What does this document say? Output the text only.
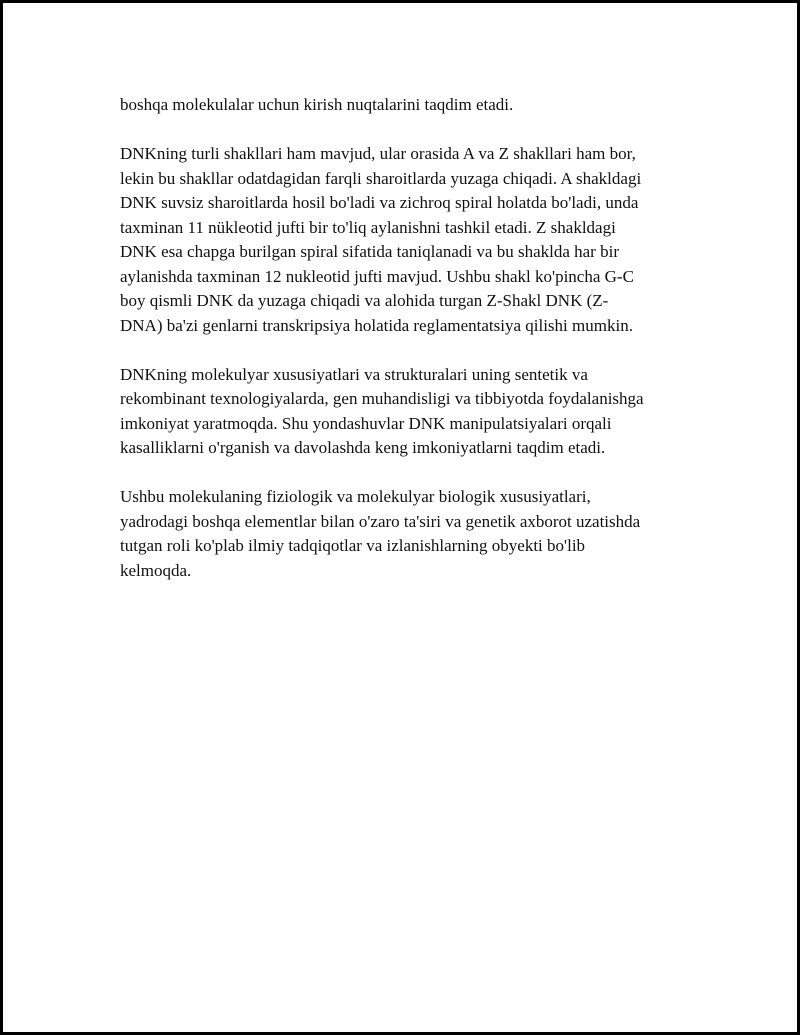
boshqa molekulalar uchun kirish nuqtalarini taqdim etadi.

DNKning turli shakllari ham mavjud, ular orasida A va Z shakllari ham bor,
lekin bu shakllar odatdagidan farqli sharoitlarda yuzaga chiqadi. A shakldagi
DNK suvsiz sharoitlarda hosil bo'ladi va zichroq spiral holatda bo'ladi, unda
taxminan 11 nükleotid jufti bir to'liq aylanishni tashkil etadi. Z shakldagi
DNK esa chapga burilgan spiral sifatida taniqlanadi va bu shaklda har bir
aylanishda taxminan 12 nukleotid jufti mavjud. Ushbu shakl ko'pincha G-C
boy qismli DNK da yuzaga chiqadi va alohida turgan Z-Shakl DNK (Z-
DNA) ba'zi genlarni transkripsiya holatida reglamentatsiya qilishi mumkin.

DNKning molekulyar xususiyatlari va strukturalari uning sentetik va
rekombinant texnologiyalarda, gen muhandisligi va tibbiyotda foydalanishga
imkoniyat yaratmoqda. Shu yondashuvlar DNK manipulatsiyalari orqali
kasalliklarni o'rganish va davolashda keng imkoniyatlarni taqdim etadi.

Ushbu molekulaning fiziologik va molekulyar biologik xususiyatlari,
yadrodagi boshqa elementlar bilan o'zaro ta'siri va genetik axborot uzatishda
tutgan roli ko'plab ilmiy tadqiqotlar va izlanishlarning obyekti bo'lib
kelmoqda.
